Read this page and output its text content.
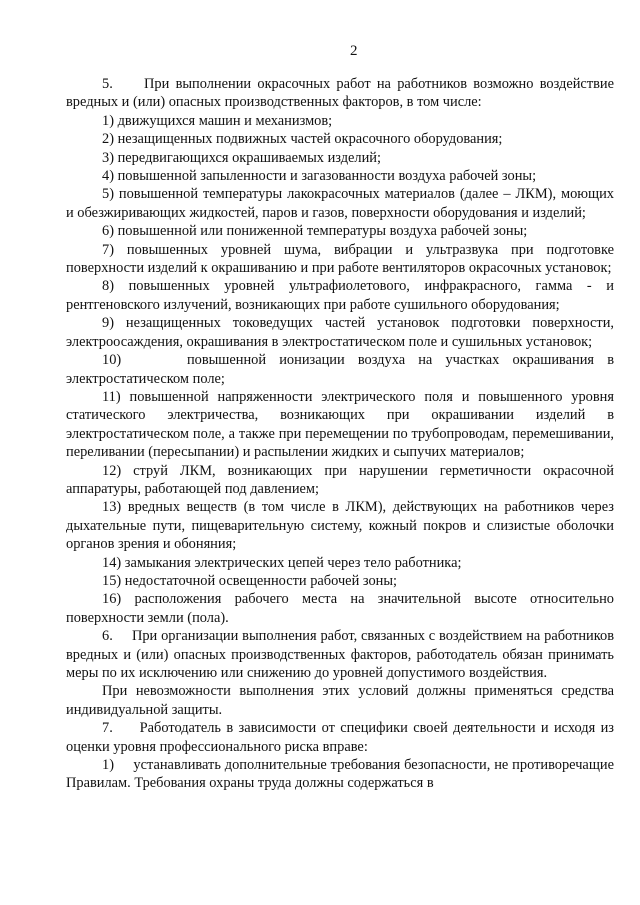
2

5.     При выполнении окрасочных работ на работников возможно воздействие вредных и (или) опасных производственных факторов, в том числе:

1) движущихся машин и механизмов;

2) незащищенных подвижных частей окрасочного оборудования;

3) передвигающихся окрашиваемых изделий;

4) повышенной запыленности и загазованности воздуха рабочей зоны;

5) повышенной температуры лакокрасочных материалов (далее – ЛКМ), моющих и обезжиривающих жидкостей, паров и газов, поверхности оборудования и изделий;

6) повышенной или пониженной температуры воздуха рабочей зоны;

7) повышенных уровней шума, вибрации и ультразвука при подготовке поверхности изделий к окрашиванию и при работе вентиляторов окрасочных установок;

8) повышенных уровней ультрафиолетового, инфракрасного, гамма - и рентгеновского излучений, возникающих при работе сушильного оборудования;

9) незащищенных токоведущих частей установок подготовки поверхности, электроосаждения, окрашивания в электростатическом поле и сушильных установок;

10)     повышенной ионизации воздуха на участках окрашивания в электростатическом поле;

11) повышенной напряженности электрического поля и повышенного уровня статического электричества, возникающих при окрашивании изделий в электростатическом поле, а также при перемещении по трубопроводам, перемешивании, переливании (пересыпании) и распылении жидких и сыпучих материалов;

12) струй ЛКМ, возникающих при нарушении герметичности окрасочной аппаратуры, работающей под давлением;

13) вредных веществ (в том числе в ЛКМ), действующих на работников через дыхательные пути, пищеварительную систему, кожный покров и слизистые оболочки органов зрения и обоняния;

14) замыкания электрических цепей через тело работника;

15) недостаточной освещенности рабочей зоны;

16) расположения рабочего места на значительной высоте относительно поверхности земли (пола).

6.     При организации выполнения работ, связанных с воздействием на работников вредных и (или) опасных производственных факторов, работодатель обязан принимать меры по их исключению или снижению до уровней допустимого воздействия.

При невозможности выполнения этих условий должны применяться средства индивидуальной защиты.

7.     Работодатель в зависимости от специфики своей деятельности и исходя из оценки уровня профессионального риска вправе:

1)     устанавливать дополнительные требования безопасности, не противоречащие Правилам. Требования охраны труда должны содержаться в
